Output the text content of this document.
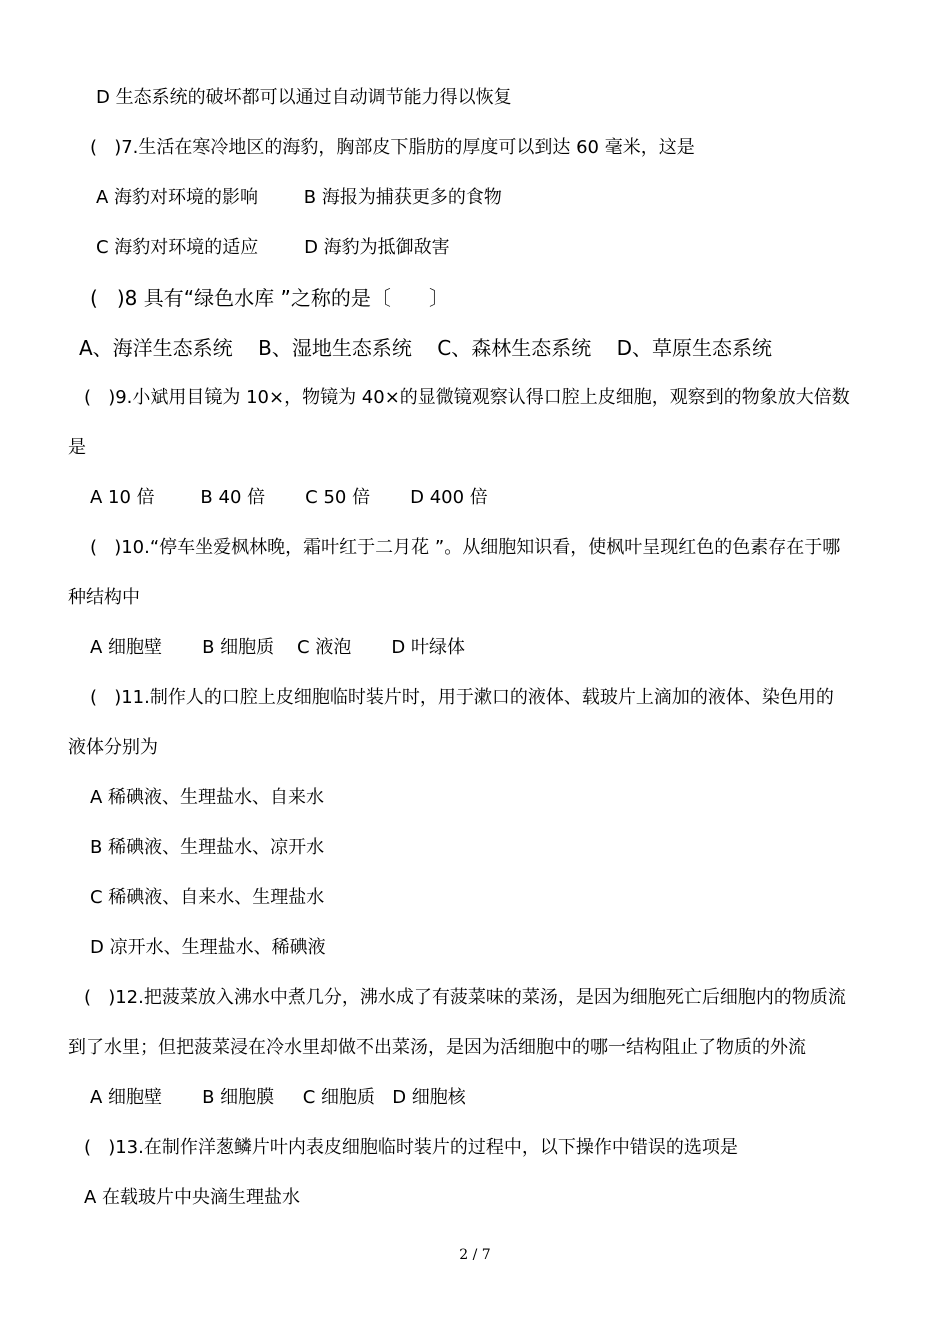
D 生态系统的破坏都可以通过自动调节能力得以恢复

(   )7.生活在寒冷地区的海豹，胸部皮下脂肪的厚度可以到达 60 毫米，这是

A 海豹对环境的影响        B 海报为捕获更多的食物

C 海豹对环境的适应        D 海豹为抵御敌害

(   )8 具有“绿色水库 ”之称的是〔      〕

A、海洋生态系统    B、湿地生态系统    C、森林生态系统    D、草原生态系统

(   )9.小斌用目镜为 10×，物镜为 40×的显微镜观察认得口腔上皮细胞，观察到的物象放大倍数

是

A 10 倍        B 40 倍       C 50 倍       D 400 倍

(   )10.“停车坐爱枫林晚，霜叶红于二月花 ”。从细胞知识看，使枫叶呈现红色的色素存在于哪

种结构中

A 细胞壁       B 细胞质    C 液泡       D 叶绿体

(   )11.制作人的口腔上皮细胞临时装片时，用于漱口的液体、载玻片上滴加的液体、染色用的

液体分别为

A 稀碘液、生理盐水、自来水

B 稀碘液、生理盐水、凉开水

C 稀碘液、自来水、生理盐水

D 凉开水、生理盐水、稀碘液

(   )12.把菠菜放入沸水中煮几分，沸水成了有菠菜味的菜汤，是因为细胞死亡后细胞内的物质流

到了水里；但把菠菜浸在冷水里却做不出菜汤，是因为活细胞中的哪一结构阻止了物质的外流

A 细胞壁       B 细胞膜     C 细胞质   D 细胞核

(   )13.在制作洋葱鳞片叶内表皮细胞临时装片的过程中，以下操作中错误的选项是

A 在载玻片中央滴生理盐水

2 / 7
